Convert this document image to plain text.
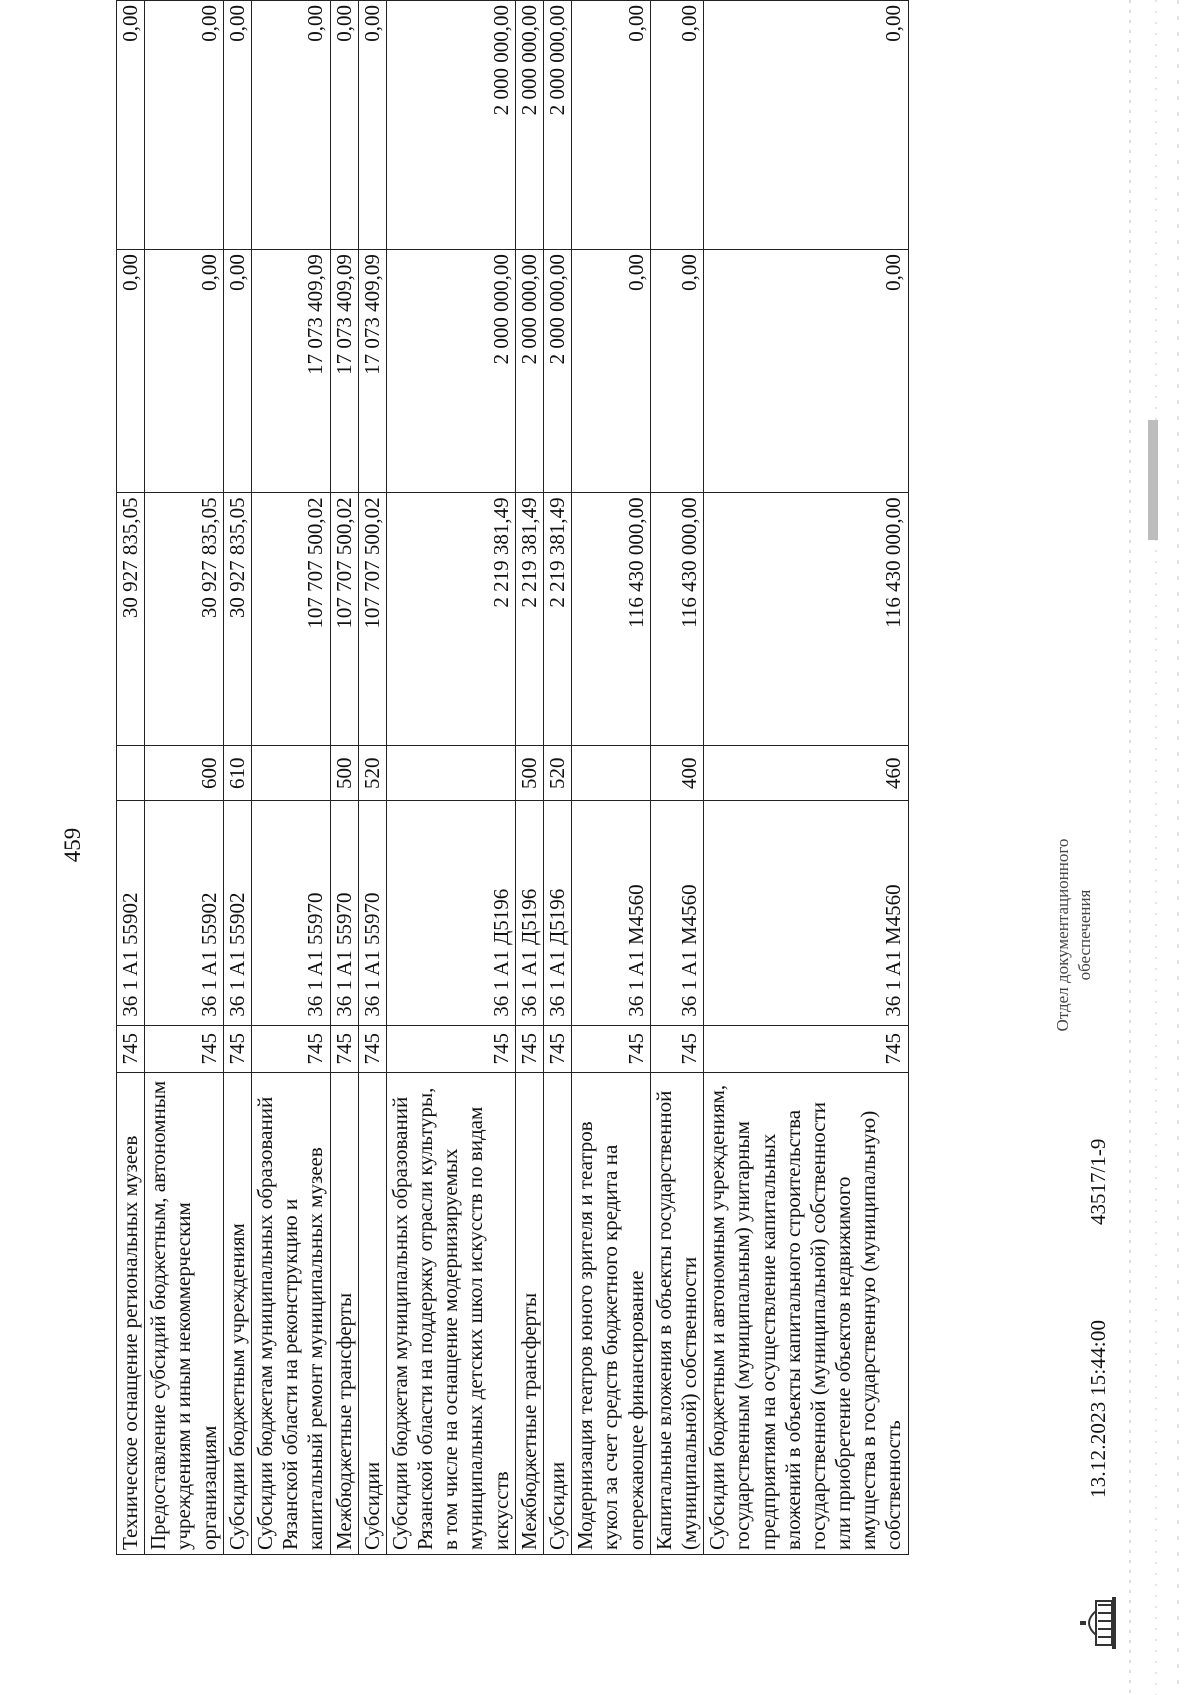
459
Техническое оснащение региональных музеев	745	36 1 A1 55902		30 927 835,05	0,00	0,00
Предоставление субсидий бюджетным, автономным учреждениям и иным некоммерческим организациям	745	36 1 A1 55902	600	30 927 835,05	0,00	0,00
Субсидии бюджетным учреждениям	745	36 1 A1 55902	610	30 927 835,05	0,00	0,00
Субсидии бюджетам муниципальных образований Рязанской области на реконструкцию и капитальный ремонт муниципальных музеев	745	36 1 A1 55970		107 707 500,02	17 073 409,09	0,00
Межбюджетные трансферты	745	36 1 A1 55970	500	107 707 500,02	17 073 409,09	0,00
Субсидии	745	36 1 A1 55970	520	107 707 500,02	17 073 409,09	0,00
Субсидии бюджетам муниципальных образований Рязанской области на поддержку отрасли культуры, в том числе на оснащение модернизируемых муниципальных детских школ искусств по видам искусств	745	36 1 A1 Д5196		2 219 381,49	2 000 000,00	2 000 000,00
Межбюджетные трансферты	745	36 1 A1 Д5196	500	2 219 381,49	2 000 000,00	2 000 000,00
Субсидии	745	36 1 A1 Д5196	520	2 219 381,49	2 000 000,00	2 000 000,00
Модернизация театров юного зрителя и театров кукол за счет средств бюджетного кредита на опережающее финансирование	745	36 1 A1 M4560		116 430 000,00	0,00	0,00
Капитальные вложения в объекты государственной (муниципальной) собственности	745	36 1 A1 M4560	400	116 430 000,00	0,00	0,00
Субсидии бюджетным и автономным учреждениям, государственным (муниципальным) унитарным предприятиям на осуществление капитальных вложений в объекты капитального строительства государственной (муниципальной) собственности или приобретение объектов недвижимого имущества в государственную (муниципальную) собственность	745	36 1 A1 M4560	460	116 430 000,00	0,00	0,00
13.12.2023 15:44:00
43517/1-9
Отдел документационного обеспечения
